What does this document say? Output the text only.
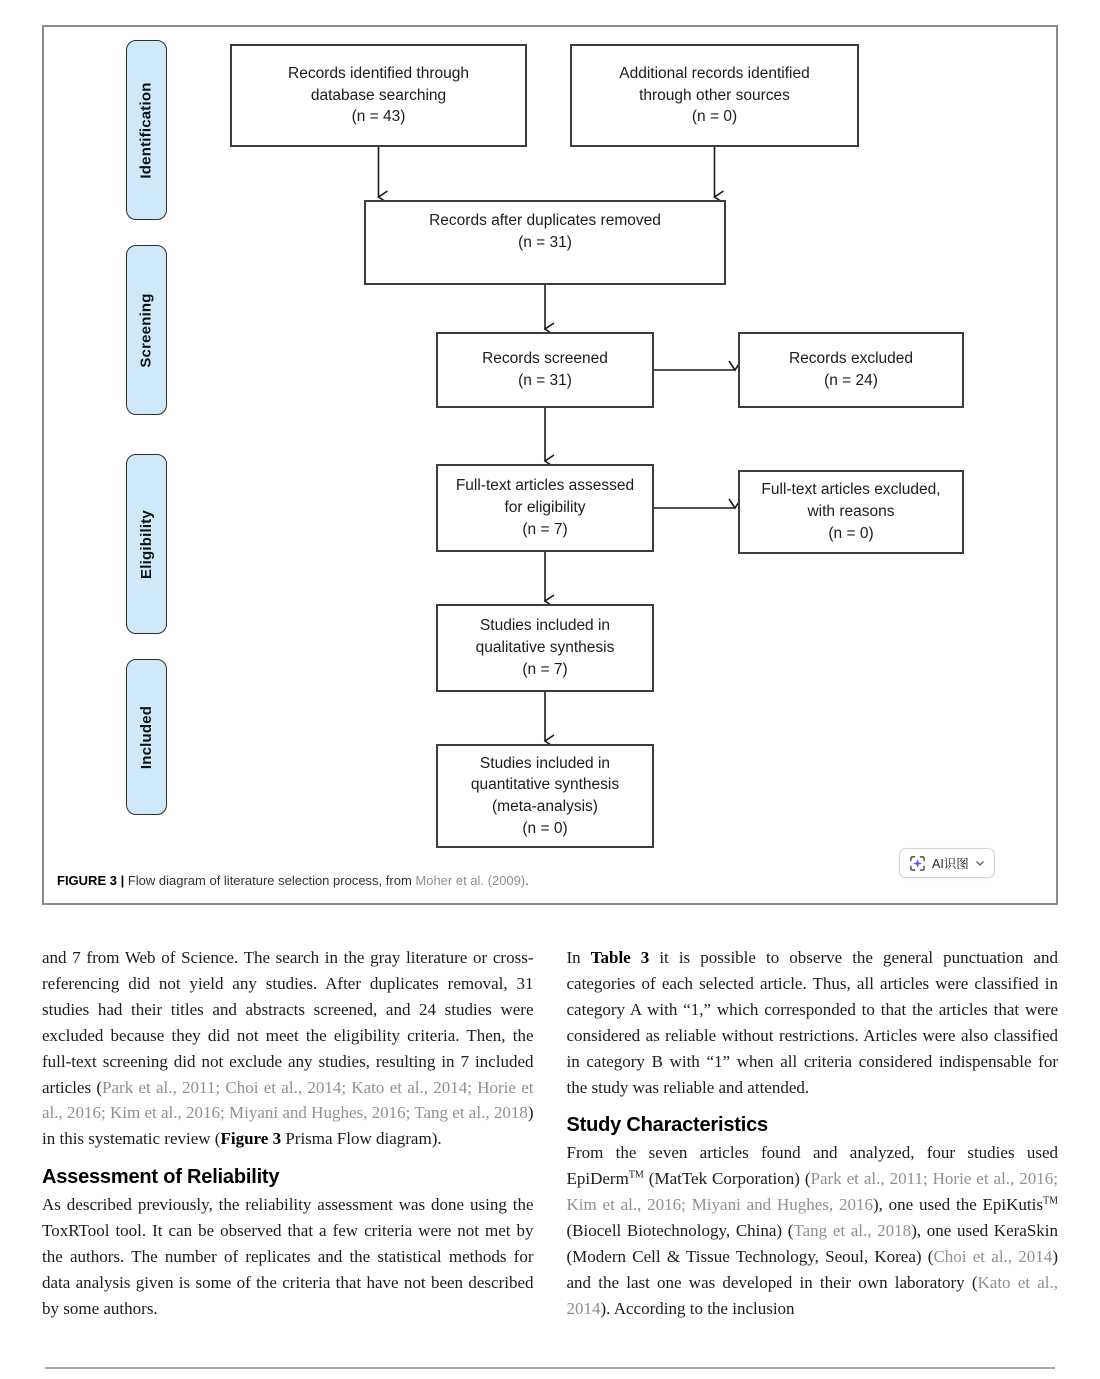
Identification
Screening
Eligibility
Included
Records identified through
database searching
(n = 43)
Additional records identified
through other sources
(n = 0)
Records after duplicates removed
(n = 31)
Records screened
(n = 31)
Records excluded
(n = 24)
Full-text articles assessed
for eligibility
(n = 7)
Full-text articles excluded,
with reasons
(n = 0)
Studies included in
qualitative synthesis
(n = 7)
Studies included in
quantitative synthesis
(meta-analysis)
(n = 0)
AI识图
FIGURE 3 | Flow diagram of literature selection process, from Moher et al. (2009).

and 7 from Web of Science. The search in the gray literature or cross-referencing did not yield any studies. After duplicates removal, 31 studies had their titles and abstracts screened, and 24 studies were excluded because they did not meet the eligibility criteria. Then, the full-text screening did not exclude any studies, resulting in 7 included articles (Park et al., 2011; Choi et al., 2014; Kato et al., 2014; Horie et al., 2016; Kim et al., 2016; Miyani and Hughes, 2016; Tang et al., 2018) in this systematic review (Figure 3 Prisma Flow diagram).

Assessment of Reliability

As described previously, the reliability assessment was done using the ToxRTool tool. It can be observed that a few criteria were not met by the authors. The number of replicates and the statistical methods for data analysis given is some of the criteria that have not been described by some authors.

In Table 3 it is possible to observe the general punctuation and categories of each selected article. Thus, all articles were classified in category A with “1,” which corresponded to that the articles that were considered as reliable without restrictions. Articles were also classified in category B with “1” when all criteria considered indispensable for the study was reliable and attended.

Study Characteristics

From the seven articles found and analyzed, four studies used EpiDerm™ (MatTek Corporation) (Park et al., 2011; Horie et al., 2016; Kim et al., 2016; Miyani and Hughes, 2016), one used the EpiKutis™ (Biocell Biotechnology, China) (Tang et al., 2018), one used KeraSkin (Modern Cell & Tissue Technology, Seoul, Korea) (Choi et al., 2014) and the last one was developed in their own laboratory (Kato et al., 2014). According to the inclusion
